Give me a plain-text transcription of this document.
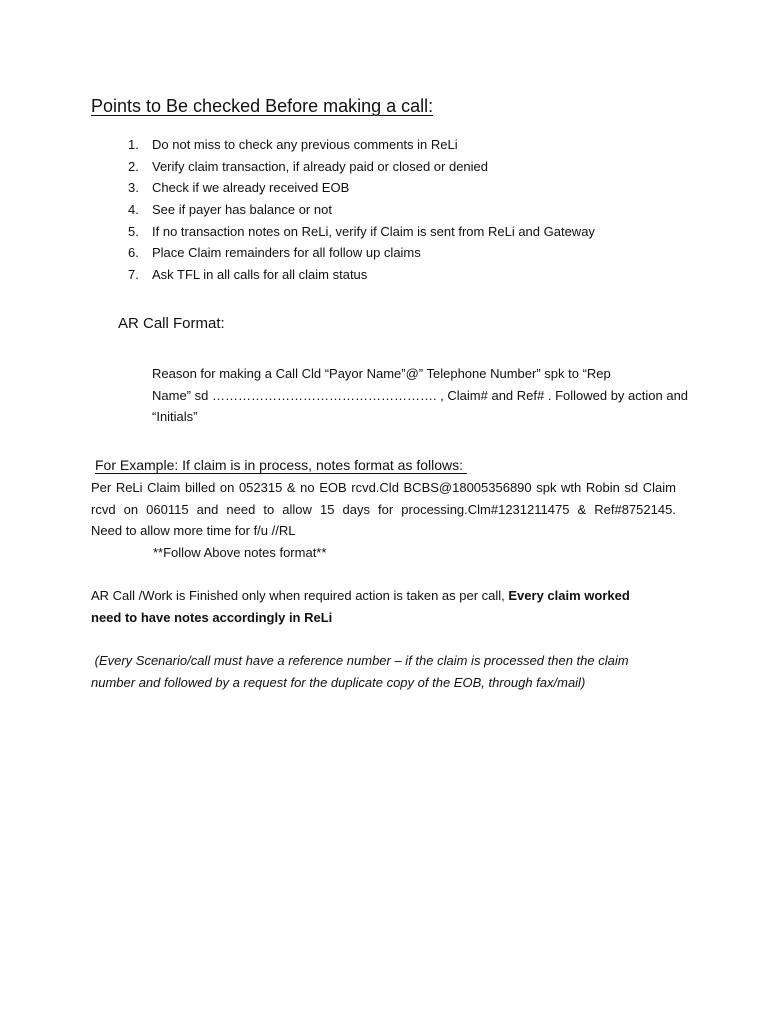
Points to Be checked Before making a call:
1. Do not miss to check any previous comments in ReLi
2. Verify claim transaction, if already paid or closed or denied
3. Check if we already received EOB
4. See if payer has balance or not
5. If no transaction notes on ReLi, verify if Claim is sent from ReLi and Gateway
6. Place Claim remainders for all follow up claims
7. Ask TFL in all calls for all claim status
AR Call Format:
Reason for making a Call Cld “Payor Name”@” Telephone Number” spk to “Rep
Name” sd ……………………………………………. , Claim# and Ref# . Followed by action and
“Initials”
For Example: If claim is in process, notes format as follows:
Per ReLi Claim billed on 052315 & no EOB rcvd.Cld BCBS@18005356890 spk wth Robin sd Claim
rcvd on 060115 and need to allow 15 days for processing.Clm#1231211475 & Ref#8752145.
Need to allow more time for f/u //RL
**Follow Above notes format**
AR Call /Work is Finished only when required action is taken as per call, Every claim worked
need to have notes accordingly in ReLi
(Every Scenario/call must have a reference number – if the claim is processed then the claim
number and followed by a request for the duplicate copy of the EOB, through fax/mail)
